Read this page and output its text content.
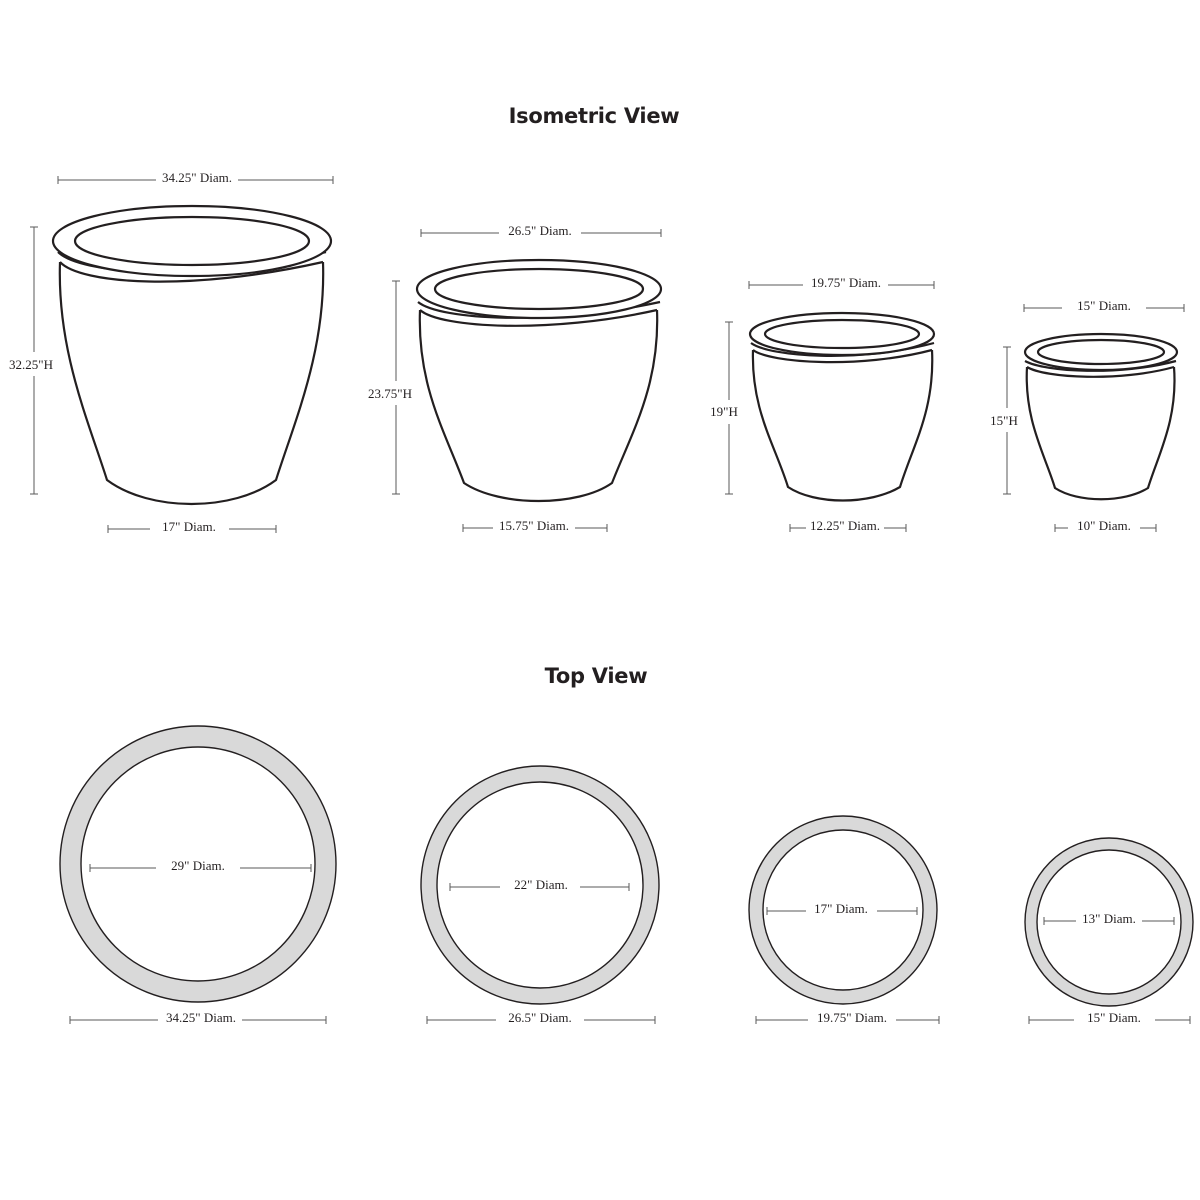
Isometric View
Top View
34.25" Diam.
32.25"H
17" Diam.
26.5" Diam.
23.75"H
15.75" Diam.
19.75" Diam.
19"H
12.25" Diam.
15" Diam.
15"H
10" Diam.
29" Diam.
34.25" Diam.
22" Diam.
26.5" Diam.
17" Diam.
19.75" Diam.
13" Diam.
15" Diam.
